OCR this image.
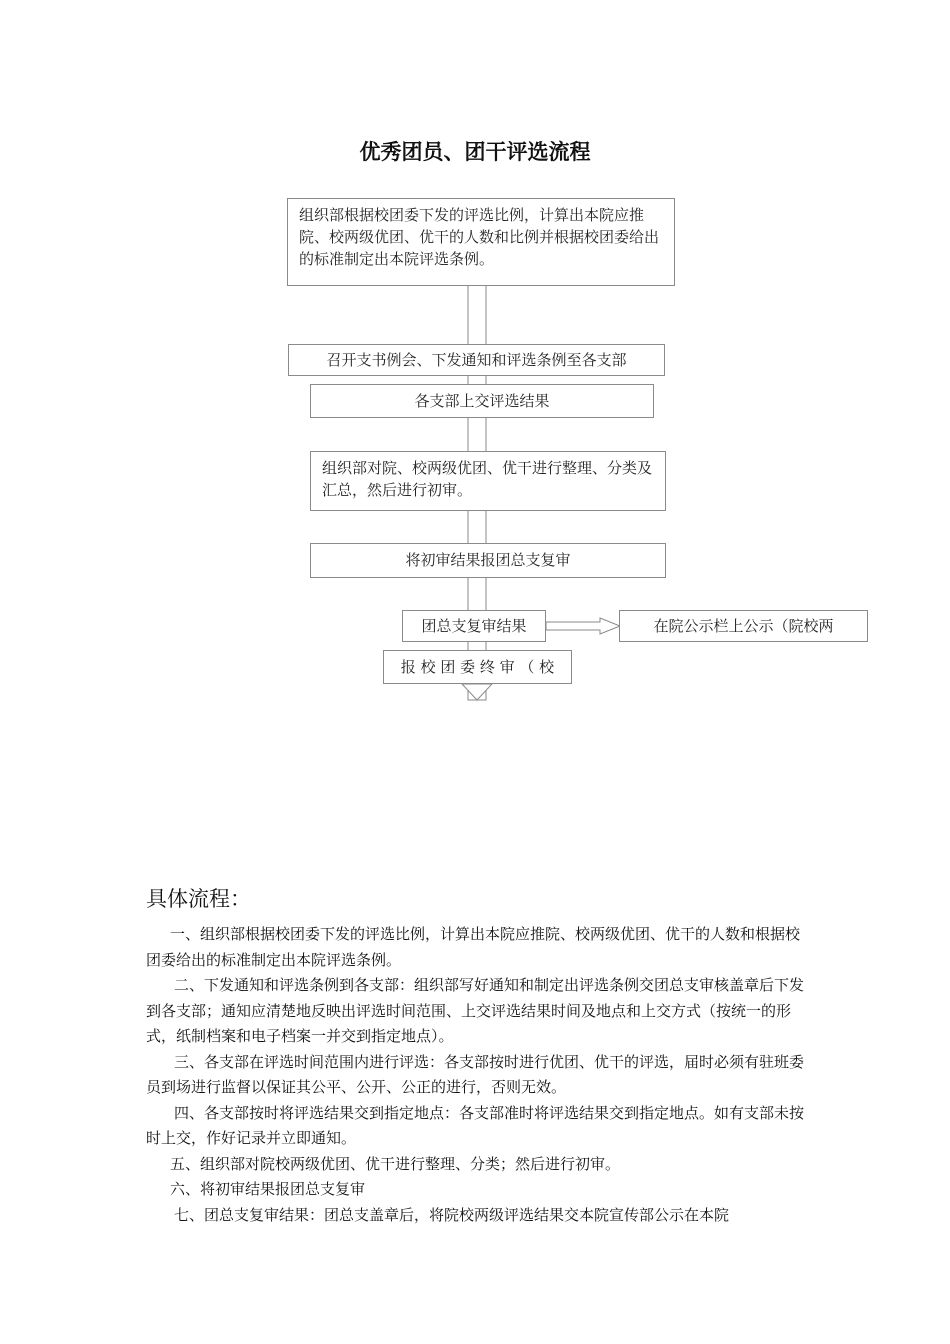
优秀团员、团干评选流程
组织部根据校团委下发的评选比例，计算出本院应推院、校两级优团、优干的人数和比例并根据校团委给出的标准制定出本院评选条例。
召开支书例会、下发通知和评选条例至各支部
各支部上交评选结果
组织部对院、校两级优团、优干进行整理、分类及汇总，然后进行初审。
将初审结果报团总支复审
团总支复审结果	在院公示栏上公示（院校两
报 校 团 委 终 审 （ 校
具体流程：

一、组织部根据校团委下发的评选比例，计算出本院应推院、校两级优团、优干的人数和根据校团委给出的标准制定出本院评选条例。

二、下发通知和评选条例到各支部：组织部写好通知和制定出评选条例交团总支审核盖章后下发到各支部；通知应清楚地反映出评选时间范围、上交评选结果时间及地点和上交方式（按统一的形式，纸制档案和电子档案一并交到指定地点）。

三、各支部在评选时间范围内进行评选：各支部按时进行优团、优干的评选，届时必须有驻班委员到场进行监督以保证其公平、公开、公正的进行，否则无效。

四、各支部按时将评选结果交到指定地点：各支部准时将评选结果交到指定地点。如有支部未按时上交，作好记录并立即通知。

五、组织部对院校两级优团、优干进行整理、分类；然后进行初审。

六、将初审结果报团总支复审

七、团总支复审结果：团总支盖章后，将院校两级评选结果交本院宣传部公示在本院
